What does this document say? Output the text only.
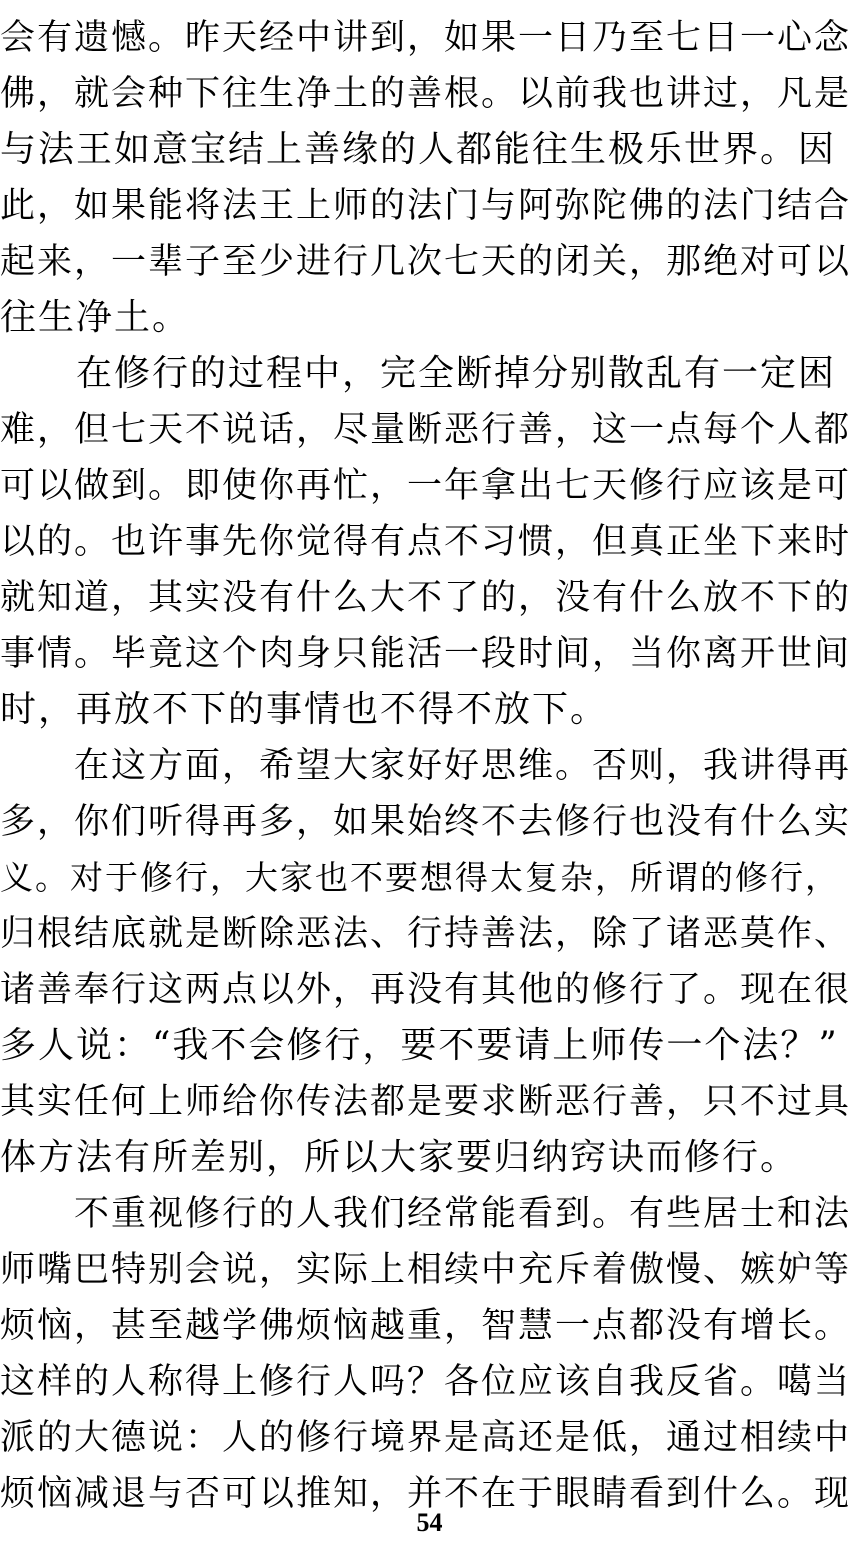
会有遗憾。昨天经中讲到，如果一日乃至七日一心念
佛，就会种下往生净土的善根。以前我也讲过，凡是
与法王如意宝结上善缘的人都能往生极乐世界。因
此，如果能将法王上师的法门与阿弥陀佛的法门结合
起来，一辈子至少进行几次七天的闭关，那绝对可以
往生净土。
　　在修行的过程中，完全断掉分别散乱有一定困
难，但七天不说话，尽量断恶行善，这一点每个人都
可以做到。即使你再忙，一年拿出七天修行应该是可
以的。也许事先你觉得有点不习惯，但真正坐下来时
就知道，其实没有什么大不了的，没有什么放不下的
事情。毕竟这个肉身只能活一段时间，当你离开世间
时，再放不下的事情也不得不放下。
　　在这方面，希望大家好好思维。否则，我讲得再
多，你们听得再多，如果始终不去修行也没有什么实
义。对于修行，大家也不要想得太复杂，所谓的修行，
归根结底就是断除恶法、行持善法，除了诸恶莫作、
诸善奉行这两点以外，再没有其他的修行了。现在很
多人说：“我不会修行，要不要请上师传一个法？”
其实任何上师给你传法都是要求断恶行善，只不过具
体方法有所差别，所以大家要归纳窍诀而修行。
　　不重视修行的人我们经常能看到。有些居士和法
师嘴巴特别会说，实际上相续中充斥着傲慢、嫉妒等
烦恼，甚至越学佛烦恼越重，智慧一点都没有增长。
这样的人称得上修行人吗？各位应该自我反省。噶当
派的大德说：人的修行境界是高还是低，通过相续中
烦恼减退与否可以推知，并不在于眼睛看到什么。现
54
